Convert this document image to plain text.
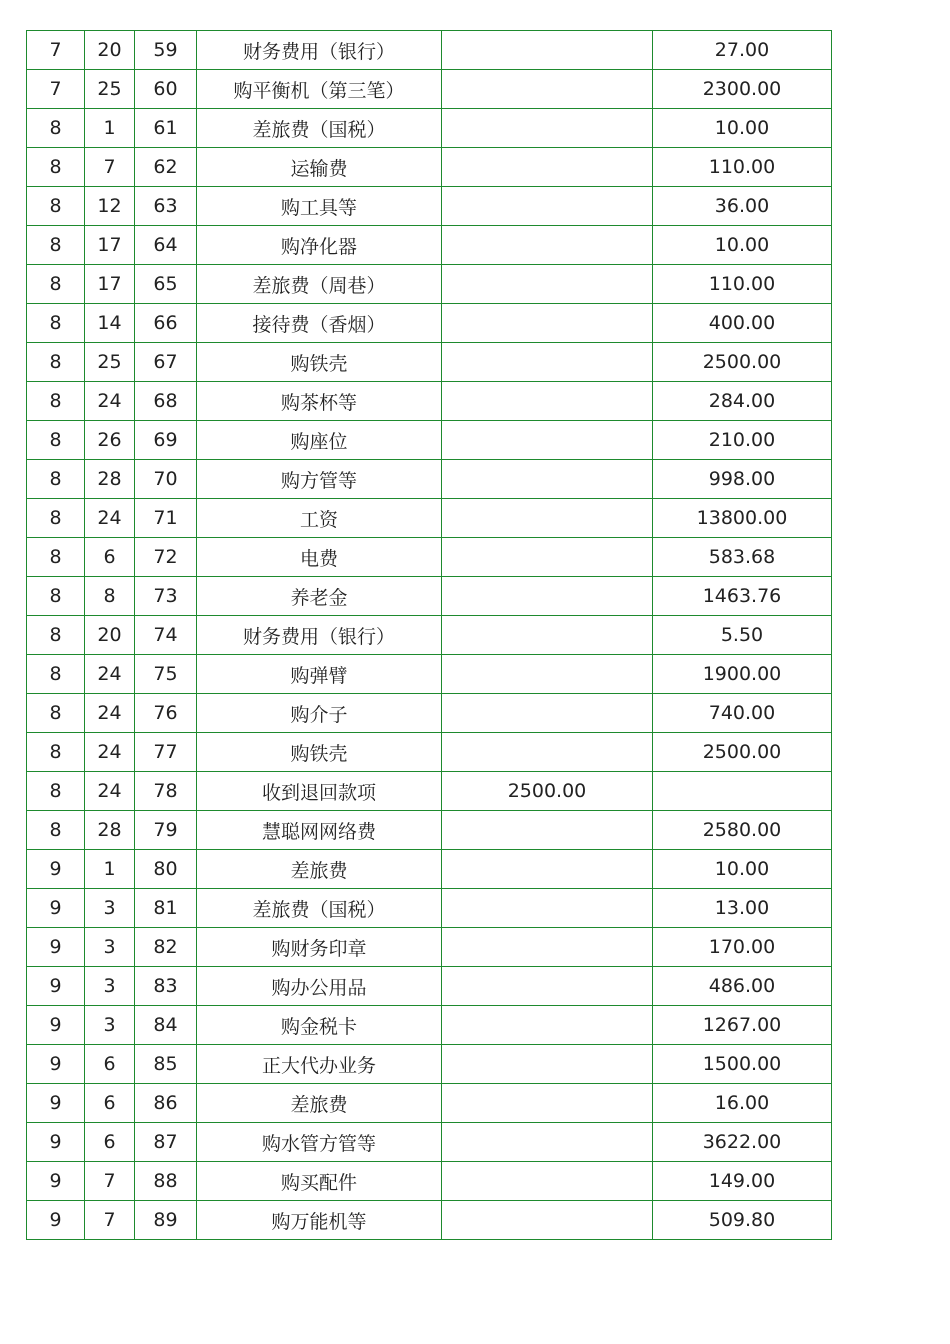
7	20	59	财务费用（银行）		27.00
7	25	60	购平衡机（第三笔）		2300.00
8	1	61	差旅费（国税）		10.00
8	7	62	运输费		110.00
8	12	63	购工具等		36.00
8	17	64	购净化器		10.00
8	17	65	差旅费（周巷）		110.00
8	14	66	接待费（香烟）		400.00
8	25	67	购铁壳		2500.00
8	24	68	购茶杯等		284.00
8	26	69	购座位		210.00
8	28	70	购方管等		998.00
8	24	71	工资		13800.00
8	6	72	电费		583.68
8	8	73	养老金		1463.76
8	20	74	财务费用（银行）		5.50
8	24	75	购弹臂		1900.00
8	24	76	购介子		740.00
8	24	77	购铁壳		2500.00
8	24	78	收到退回款项	2500.00	
8	28	79	慧聪网网络费		2580.00
9	1	80	差旅费		10.00
9	3	81	差旅费（国税）		13.00
9	3	82	购财务印章		170.00
9	3	83	购办公用品		486.00
9	3	84	购金税卡		1267.00
9	6	85	正大代办业务		1500.00
9	6	86	差旅费		16.00
9	6	87	购水管方管等		3622.00
9	7	88	购买配件		149.00
9	7	89	购万能机等		509.80
